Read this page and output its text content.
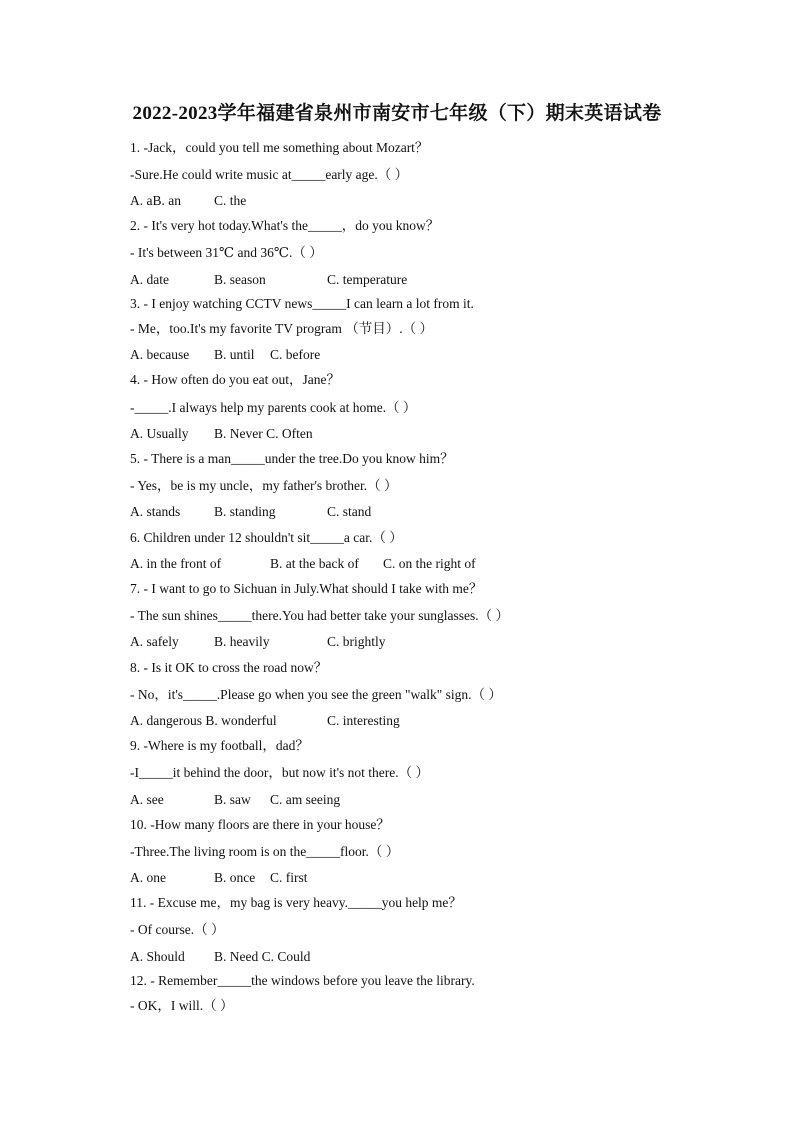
2022-2023学年福建省泉州市南安市七年级（下）期末英语试卷
1. -Jack，could you tell me something about Mozart？
-Sure.He could write music at_____early age.（ ）
A. aB. an C. the
2. - It's very hot today.What's the_____，do you know？
- It's between 31℃ and 36℃.（ ）
A. date	B. season	C. temperature
3. - I enjoy watching CCTV news_____I can learn a lot from it.
- Me，too.It's my favorite TV program （节目）.（ ）
A. because B. until C. before
4. - How often do you eat out，Jane？
-_____.I always help my parents cook at home.（ ）
A. Usually B. Never C. Often
5. - There is a man_____under the tree.Do you know him？
- Yes，be is my uncle，my father's brother.（ ）
A. stands	B. standing	C. stand
6. Children under 12 shouldn't sit_____a car.（ ）
A. in the front of	B. at the back of C. on the right of
7. - I want to go to Sichuan in July.What should I take with me？
- The sun shines_____there.You had better take your sunglasses.（ ）
A. safely	B. heavily	C. brightly
8. - Is it OK to cross the road now？
- No，it's_____.Please go when you see the green "walk" sign.（ ）
A. dangerous B. wonderful	C. interesting
9. -Where is my football，dad？
-I_____it behind the door，but now it's not there.（ ）
A. see	B. saw C. am seeing
10. -How many floors are there in your house？
-Three.The living room is on the_____floor.（ ）
A. one	B. once C. first
11. - Excuse me，my bag is very heavy._____you help me？
- Of course.（ ）
A. Should B. Need C. Could
12. - Remember_____the windows before you leave the library.
- OK，I will.（ ）
